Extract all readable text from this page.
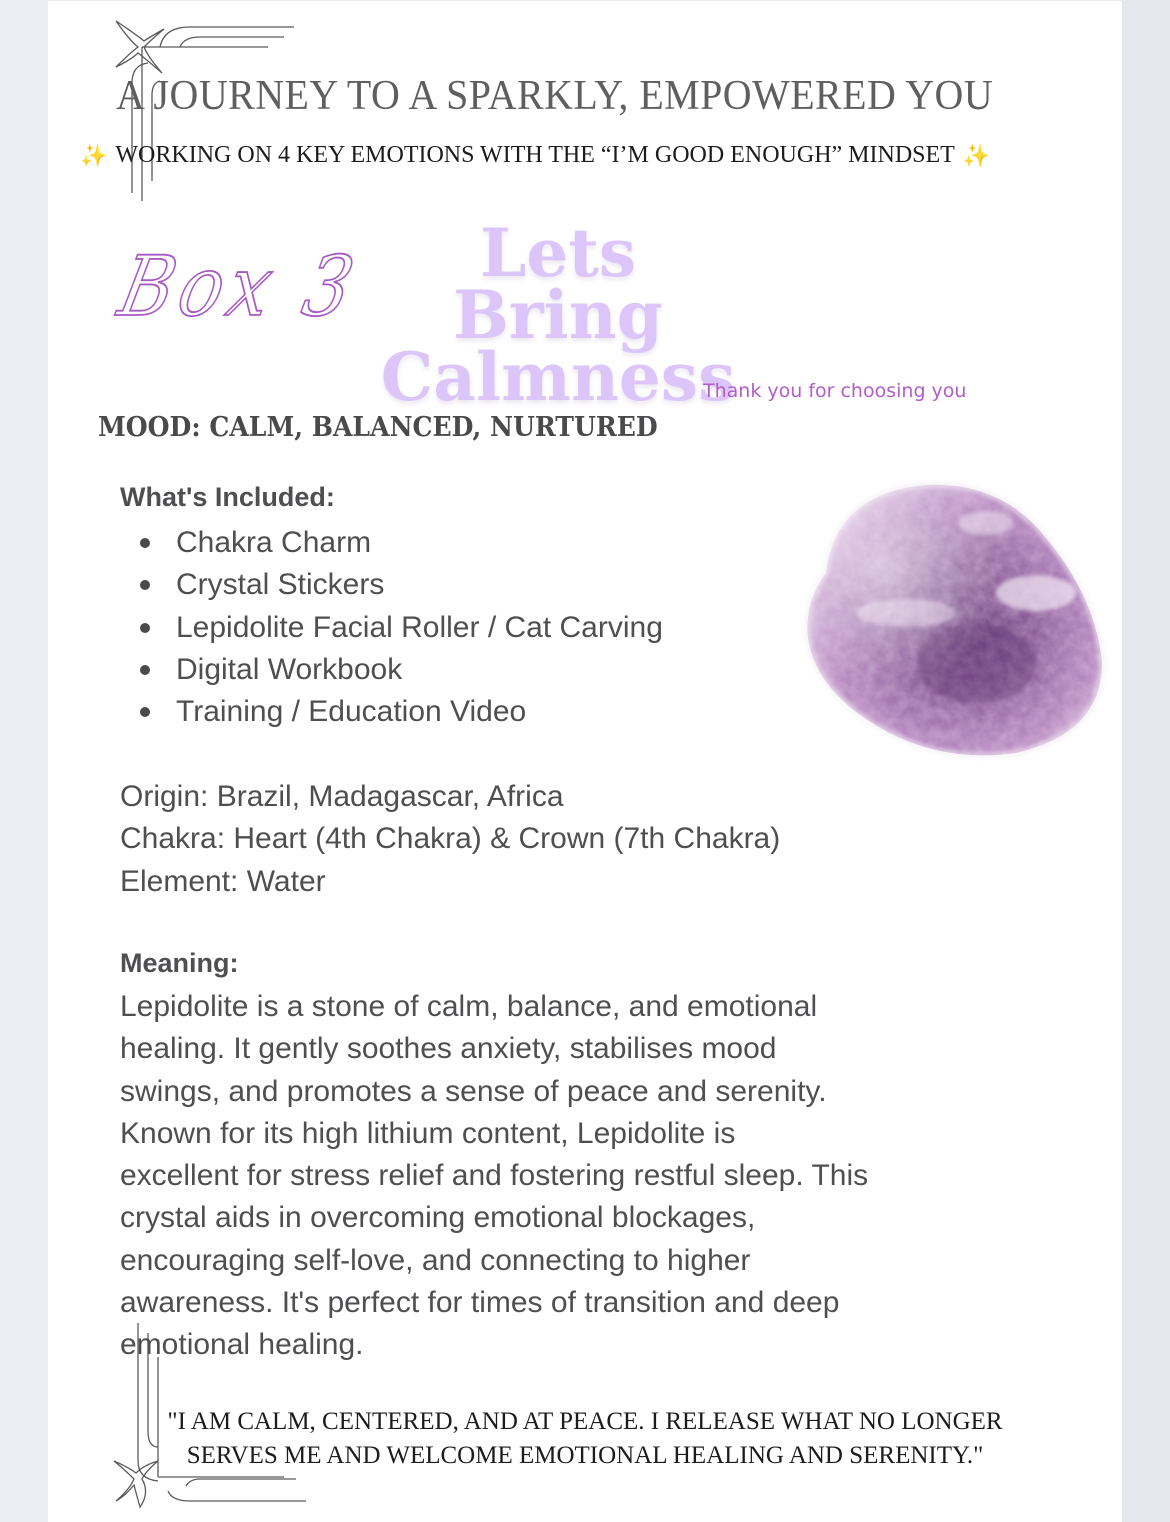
A JOURNEY TO A SPARKLY, EMPOWERED YOU
✨ WORKING ON 4 KEY EMOTIONS WITH THE “I’M GOOD ENOUGH” MINDSET ✨
Box 3	Lets Bring
Calmness
Thank you for choosing you
MOOD: CALM, BALANCED, NURTURED
What's Included:
Chakra Charm
Crystal Stickers
Lepidolite Facial Roller / Cat Carving
Digital Workbook
Training / Education Video
Origin: Brazil, Madagascar, Africa
Chakra: Heart (4th Chakra) & Crown (7th Chakra)
Element: Water
Meaning:
Lepidolite is a stone of calm, balance, and emotional
healing. It gently soothes anxiety, stabilises mood
swings, and promotes a sense of peace and serenity.
Known for its high lithium content, Lepidolite is
excellent for stress relief and fostering restful sleep. This
crystal aids in overcoming emotional blockages,
encouraging self-love, and connecting to higher
awareness. It's perfect for times of transition and deep
emotional healing.
"I AM CALM, CENTERED, AND AT PEACE. I RELEASE WHAT NO LONGER
SERVES ME AND WELCOME EMOTIONAL HEALING AND SERENITY."
